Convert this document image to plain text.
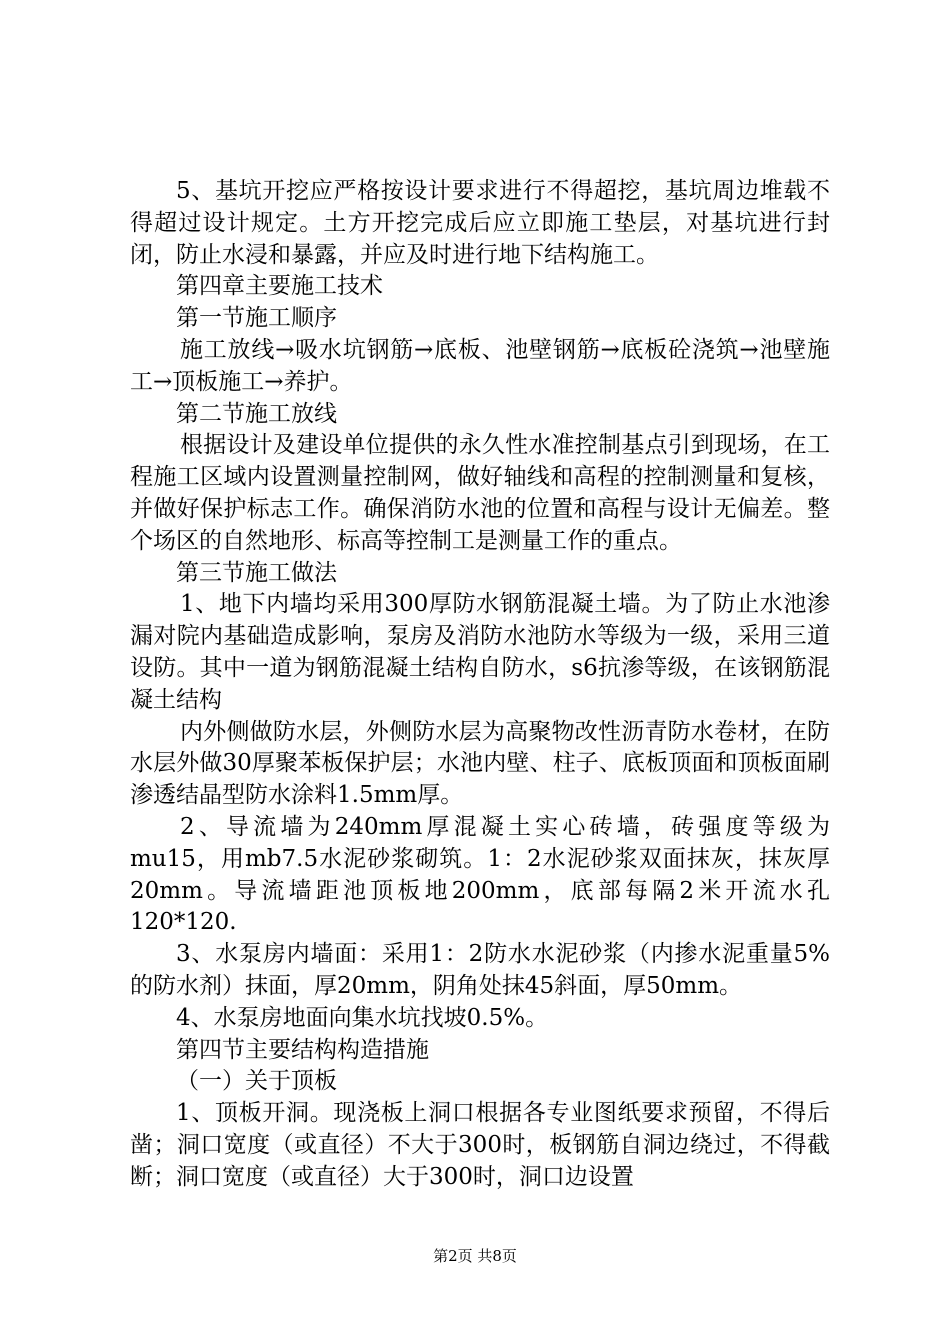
5、基坑开挖应严格按设计要求进行不得超挖，基坑周边堆载不得超过设计规定。土方开挖完成后应立即施工垫层，对基坑进行封闭，防止水浸和暴露，并应及时进行地下结构施工。

第四章主要施工技术

第一节施工顺序

施工放线→吸水坑钢筋→底板、池壁钢筋→底板砼浇筑→池壁施工→顶板施工→养护。

第二节施工放线

根据设计及建设单位提供的永久性水准控制基点引到现场，在工程施工区域内设置测量控制网，做好轴线和高程的控制测量和复核，并做好保护标志工作。确保消防水池的位置和高程与设计无偏差。整个场区的自然地形、标高等控制工是测量工作的重点。

第三节施工做法

1、地下内墙均采用300厚防水钢筋混凝土墙。为了防止水池渗漏对院内基础造成影响，泵房及消防水池防水等级为一级，采用三道设防。其中一道为钢筋混凝土结构自防水，s6抗渗等级，在该钢筋混凝土结构

内外侧做防水层，外侧防水层为高聚物改性沥青防水卷材，在防水层外做30厚聚苯板保护层；水池内壁、柱子、底板顶面和顶板面刷渗透结晶型防水涂料1.5mm厚。

2、导流墙为240mm厚混凝土实心砖墙，砖强度等级为mu15，用mb7.5水泥砂浆砌筑。1：2水泥砂浆双面抹灰，抹灰厚20mm。导流墙距池顶板地200mm，底部每隔2米开流水孔120*120.

3、水泵房内墙面：采用1：2防水水泥砂浆（内掺水泥重量5%的防水剂）抹面，厚20mm，阴角处抹45斜面，厚50mm。

4、水泵房地面向集水坑找坡0.5%。

第四节主要结构构造措施

（一）关于顶板

1、顶板开洞。现浇板上洞口根据各专业图纸要求预留，不得后凿；洞口宽度（或直径）不大于300时，板钢筋自洞边绕过，不得截断；洞口宽度（或直径）大于300时，洞口边设置

第2页 共8页
